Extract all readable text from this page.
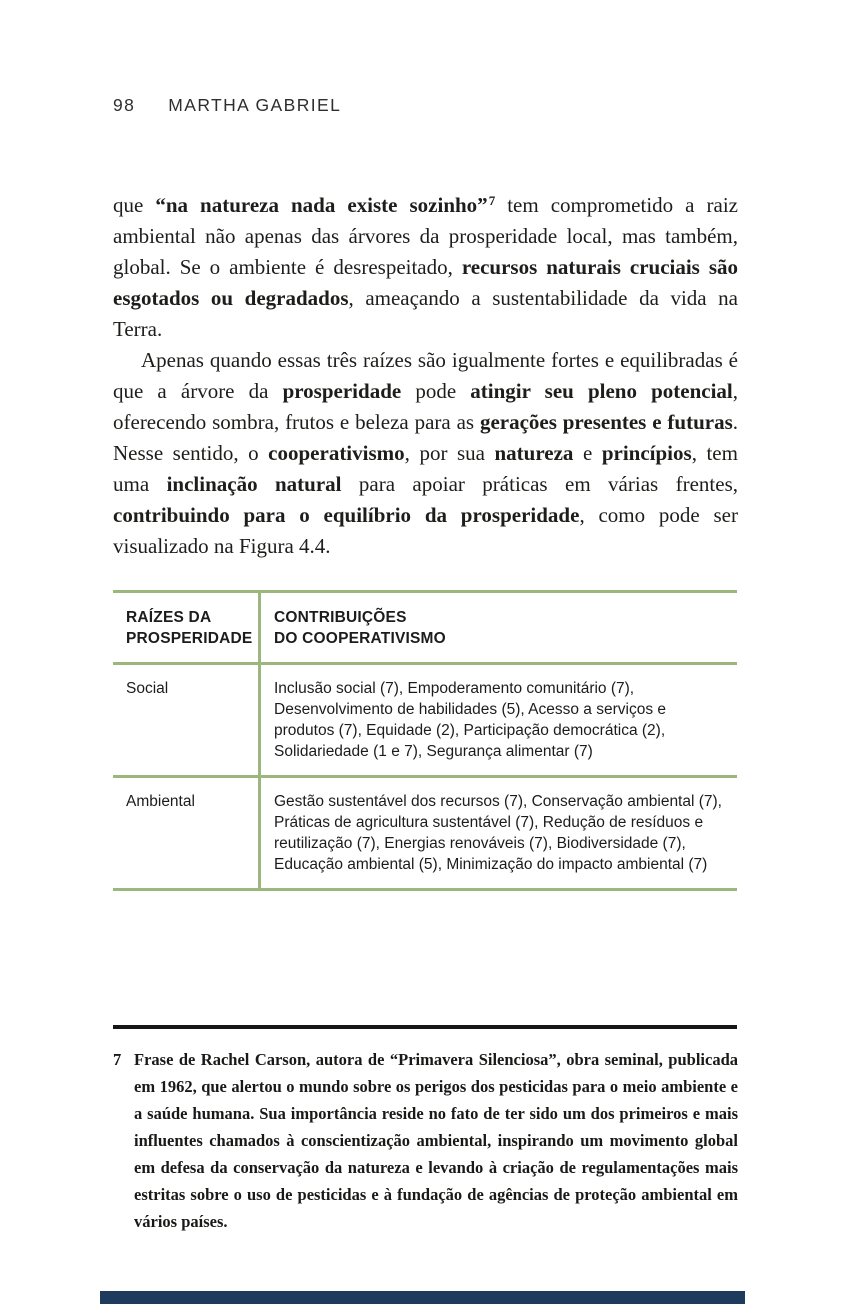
98 MARTHA GABRIEL

que “na natureza nada existe sozinho”$^7$ tem comprometido a raiz ambiental não apenas das árvores da prosperidade local, mas também, global. Se o ambiente é desrespeitado, recursos naturais cruciais são esgotados ou degradados, ameaçando a sustentabilidade da vida na Terra.

Apenas quando essas três raízes são igualmente fortes e equilibradas é que a árvore da prosperidade pode atingir seu pleno potencial, oferecendo sombra, frutos e beleza para as gerações presentes e futuras. Nesse sentido, o cooperativismo, por sua natureza e princípios, tem uma inclinação natural para apoiar práticas em várias frentes, contribuindo para o equilíbrio da prosperidade, como pode ser visualizado na Figura 4.4.

RAÍZES DA
PROSPERIDADE
CONTRIBUIÇÕES
DO COOPERATIVISMO
Social	Inclusão social (7), Empoderamento comunitário (7), Desenvolvimento de habilidades (5), Acesso a serviços e produtos (7), Equidade (2), Participação democrática (2), Solidariedade (1 e 7), Segurança alimentar (7)
Ambiental	Gestão sustentável dos recursos (7), Conservação ambiental (7), Práticas de agricultura sustentável (7), Redução de resíduos e reutilização (7), Energias renováveis (7), Biodiversidade (7), Educação ambiental (5), Minimização do impacto ambiental (7)
7 Frase de Rachel Carson, autora de “Primavera Silenciosa”, obra seminal, publicada em 1962, que alertou o mundo sobre os perigos dos pesticidas para o meio ambiente e a saúde humana. Sua importância reside no fato de ter sido um dos primeiros e mais influentes chamados à conscientização ambiental, inspirando um movimento global em defesa da conservação da natureza e levando à criação de regulamentações mais estritas sobre o uso de pesticidas e à fundação de agências de proteção ambiental em vários países.
